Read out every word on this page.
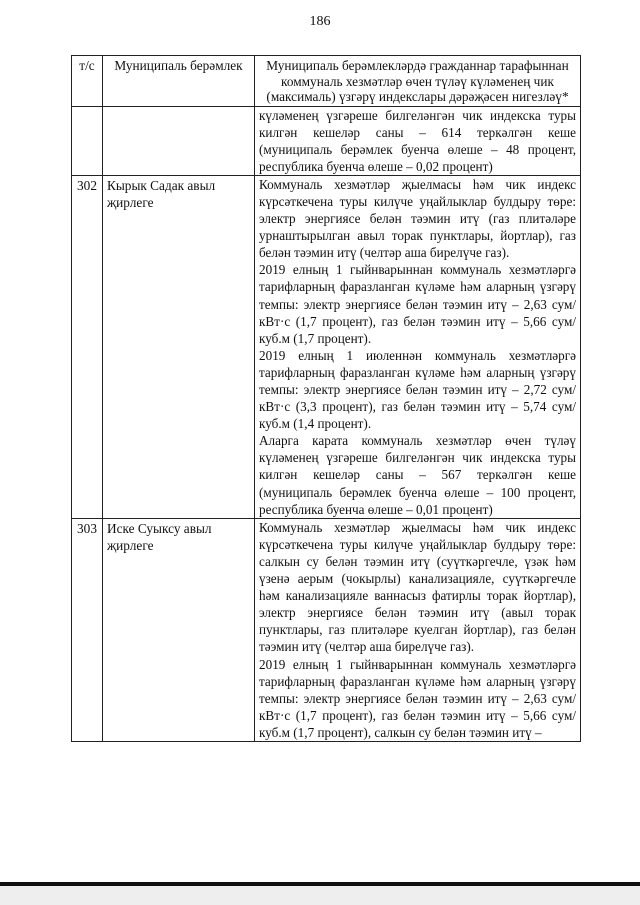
186
т/с	Муниципаль берәмлек	Муниципаль берәмлекләрдә гражданнар тарафыннан коммуналь хезмәтләр өчен түләү күләменең чик (максималь) үзгәрү индекслары дәрәҗәсен нигезләү*

		күләменең үзгәреше билгеләнгән чик индекска туры килгән кешеләр саны – 614 теркәлгән кеше (муниципаль берәмлек буенча өлеше – 48 процент, республика буенча өлеше – 0,02 процент)

302	Кырык Садак авыл җирлеге	Коммуналь хезмәтләр җыелмасы һәм чик индекс күрсәткечена туры килүче уңайлыклар булдыру төре: электр энергиясе белән тәэмин итү (газ плитәләре урнаштырылган авыл торак пунктлары, йортлар), газ белән тәэмин итү (челтәр аша бирелүче газ).

2019 елның 1 гыйнварыннан коммуналь хезмәтләргә тарифларның фаразланган күләме һәм аларның үзгәрү темпы: электр энергиясе белән тәэмин итү – 2,63 сум/кВт·с (1,7 процент), газ белән тәэмин итү – 5,66 сум/куб.м (1,7 процент).

2019 елның 1 июленнән коммуналь хезмәтләргә тарифларның фаразланган күләме һәм аларның үзгәрү темпы: электр энергиясе белән тәэмин итү – 2,72 сум/кВт·с (3,3 процент), газ белән тәэмин итү – 5,74 сум/куб.м (1,4 процент).

Аларга карата коммуналь хезмәтләр өчен түләү күләменең үзгәреше билгеләнгән чик индекска туры килгән кешеләр саны – 567 теркәлгән кеше (муниципаль берәмлек буенча өлеше – 100 процент, республика буенча өлеше – 0,01 процент)

303	Иске Суыксу авыл җирлеге	Коммуналь хезмәтләр җыелмасы һәм чик индекс күрсәткечена туры килүче уңайлыклар булдыру төре: салкын су белән тәэмин итү (суүткәргечле, үзәк һәм үзенә аерым (чокырлы) канализацияле, суүткәргечле һәм канализацияле ваннасыз фатирлы торак йортлар), электр энергиясе белән тәэмин итү (авыл торак пунктлары, газ плитәләре куелган йортлар), газ белән тәэмин итү (челтәр аша бирелүче газ).

2019 елның 1 гыйнварыннан коммуналь хезмәтләргә тарифларның фаразланган күләме һәм аларның үзгәрү темпы: электр энергиясе белән тәэмин итү – 2,63 сум/кВт·с (1,7 процент), газ белән тәэмин итү – 5,66 сум/куб.м (1,7 процент), салкын су белән тәэмин итү –
